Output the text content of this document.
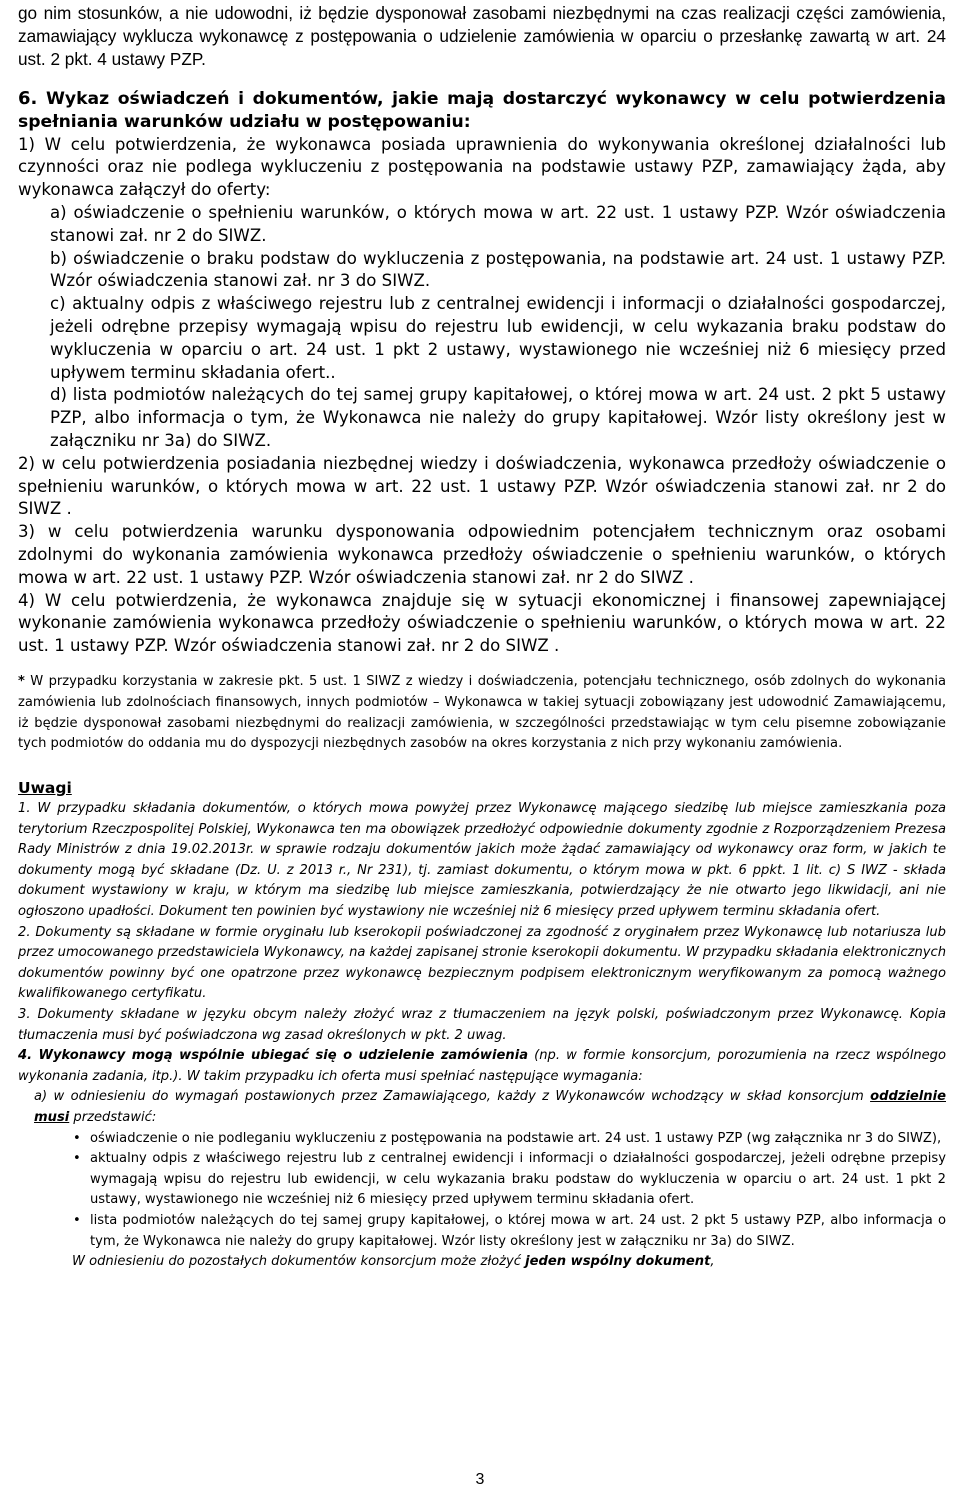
go nim stosunków, a nie udowodni, iż będzie dysponował zasobami niezbędnymi na czas realizacji części zamówienia, zamawiający wyklucza wykonawcę z postępowania o udzielenie zamówienia w oparciu o przesłankę zawartą w art. 24 ust. 2 pkt. 4 ustawy PZP.

6. Wykaz oświadczeń i dokumentów, jakie mają dostarczyć wykonawcy w celu potwierdzenia spełniania warunków udziału w postępowaniu:

1) W celu potwierdzenia, że wykonawca posiada uprawnienia do wykonywania określonej działalności lub czynności oraz nie podlega wykluczeniu z postępowania na podstawie ustawy PZP, zamawiający żąda, aby wykonawca załączył do oferty:

a) oświadczenie o spełnieniu warunków, o których mowa w art. 22 ust. 1 ustawy PZP. Wzór oświadczenia stanowi zał. nr 2 do SIWZ.

b) oświadczenie o braku podstaw do wykluczenia z postępowania, na podstawie art. 24 ust. 1 ustawy PZP. Wzór oświadczenia stanowi zał. nr 3 do SIWZ.

c) aktualny odpis z właściwego rejestru lub z centralnej ewidencji i informacji o działalności gospodarczej, jeżeli odrębne przepisy wymagają wpisu do rejestru lub ewidencji, w celu wykazania braku podstaw do wykluczenia w oparciu o art. 24 ust. 1 pkt 2 ustawy, wystawionego nie wcześniej niż 6 miesięcy przed upływem terminu składania ofert..

d) lista podmiotów należących do tej samej grupy kapitałowej, o której mowa w art. 24 ust. 2 pkt 5 ustawy PZP, albo informacja o tym, że Wykonawca nie należy do grupy kapitałowej. Wzór listy określony jest w załączniku nr 3a) do SIWZ.

2) w celu potwierdzenia posiadania niezbędnej wiedzy i doświadczenia, wykonawca przedłoży oświadczenie o spełnieniu warunków, o których mowa w art. 22 ust. 1 ustawy PZP. Wzór oświadczenia stanowi zał. nr 2 do SIWZ .

3) w celu potwierdzenia warunku dysponowania odpowiednim potencjałem technicznym oraz osobami zdolnymi do wykonania zamówienia wykonawca przedłoży oświadczenie o spełnieniu warunków, o których mowa w art. 22 ust. 1 ustawy PZP. Wzór oświadczenia stanowi zał. nr 2 do SIWZ .

4) W celu potwierdzenia, że wykonawca znajduje się w sytuacji ekonomicznej i finansowej zapewniającej wykonanie zamówienia wykonawca przedłoży oświadczenie o spełnieniu warunków, o których mowa w art. 22 ust. 1 ustawy PZP. Wzór oświadczenia stanowi zał. nr 2 do SIWZ .

* W przypadku korzystania w zakresie pkt. 5 ust. 1 SIWZ z wiedzy i doświadczenia, potencjału technicznego, osób zdolnych do wykonania zamówienia lub zdolnościach finansowych, innych podmiotów – Wykonawca w takiej sytuacji zobowiązany jest udowodnić Zamawiającemu, iż będzie dysponował zasobami niezbędnymi do realizacji zamówienia, w szczególności przedstawiając w tym celu pisemne zobowiązanie tych podmiotów do oddania mu do dyspozycji niezbędnych zasobów na okres korzystania z nich przy wykonaniu zamówienia.

Uwagi

1. W przypadku składania dokumentów, o których mowa powyżej przez Wykonawcę mającego siedzibę lub miejsce zamieszkania poza terytorium Rzeczpospolitej Polskiej, Wykonawca ten ma obowiązek przedłożyć odpowiednie dokumenty zgodnie z Rozporządzeniem Prezesa Rady Ministrów z dnia 19.02.2013r. w sprawie rodzaju dokumentów jakich może żądać zamawiający od wykonawcy oraz form, w jakich te dokumenty mogą być składane (Dz. U. z 2013 r., Nr 231), tj. zamiast dokumentu, o którym mowa w pkt. 6 ppkt. 1 lit. c) S IWZ - składa dokument wystawiony w kraju, w którym ma siedzibę lub miejsce zamieszkania, potwierdzający że nie otwarto jego likwidacji, ani nie ogłoszono upadłości. Dokument ten powinien być wystawiony nie wcześniej niż 6 miesięcy przed upływem terminu składania ofert.

2. Dokumenty są składane w formie oryginału lub kserokopii poświadczonej za zgodność z oryginałem przez Wykonawcę lub notariusza lub przez umocowanego przedstawiciela Wykonawcy, na każdej zapisanej stronie kserokopii dokumentu. W przypadku składania elektronicznych dokumentów powinny być one opatrzone przez wykonawcę bezpiecznym podpisem elektronicznym weryfikowanym za pomocą ważnego kwalifikowanego certyfikatu.

3. Dokumenty składane w języku obcym należy złożyć wraz z tłumaczeniem na język polski, poświadczonym przez Wykonawcę. Kopia tłumaczenia musi być poświadczona wg zasad określonych w pkt. 2 uwag.

4. Wykonawcy mogą wspólnie ubiegać się o udzielenie zamówienia (np. w formie konsorcjum, porozumienia na rzecz wspólnego wykonania zadania, itp.). W takim przypadku ich oferta musi spełniać następujące wymagania:

a) w odniesieniu do wymagań postawionych przez Zamawiającego, każdy z Wykonawców wchodzący w skład konsorcjum oddzielnie musi przedstawić:

• oświadczenie o nie podleganiu wykluczeniu z postępowania na podstawie art. 24 ust. 1 ustawy PZP (wg załącznika nr 3 do SIWZ),
• aktualny odpis z właściwego rejestru lub z centralnej ewidencji i informacji o działalności gospodarczej, jeżeli odrębne przepisy wymagają wpisu do rejestru lub ewidencji, w celu wykazania braku podstaw do wykluczenia w oparciu o art. 24 ust. 1 pkt 2 ustawy, wystawionego nie wcześniej niż 6 miesięcy przed upływem terminu składania ofert.
• lista podmiotów należących do tej samej grupy kapitałowej, o której mowa w art. 24 ust. 2 pkt 5 ustawy PZP, albo informacja o tym, że Wykonawca nie należy do grupy kapitałowej. Wzór listy określony jest w załączniku nr 3a) do SIWZ.

W odniesieniu do pozostałych dokumentów konsorcjum może złożyć jeden wspólny dokument,

3
